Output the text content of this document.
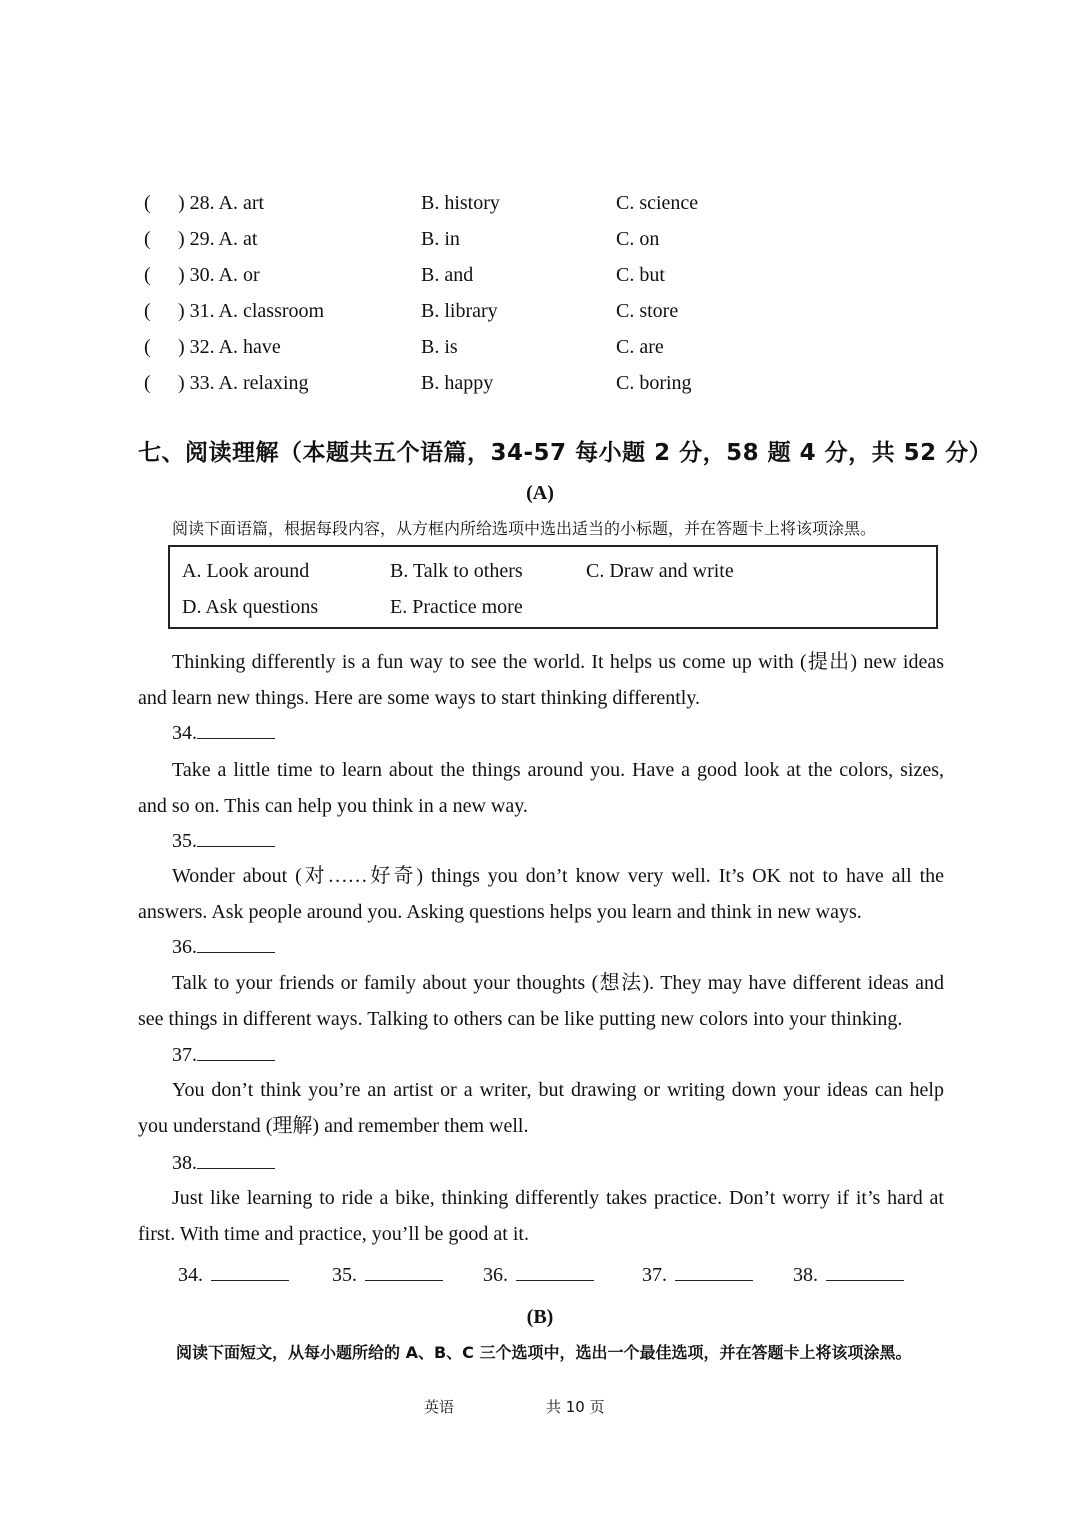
( ) 28. A. art	B. history	C. science
( ) 29. A. at	B. in	C. on
( ) 30. A. or	B. and	C. but
( ) 31. A. classroom	B. library	C. store
( ) 32. A. have	B. is	C. are
( ) 33. A. relaxing	B. happy	C. boring
七、阅读理解（本题共五个语篇，34-57 每小题 2 分，58 题 4 分，共 52 分）
(A)
阅读下面语篇，根据每段内容，从方框内所给选项中选出适当的小标题，并在答题卡上将该项涂黑。
A. Look around	B. Talk to others	C. Draw and write
D. Ask questions	E. Practice more
Thinking differently is a fun way to see the world. It helps us come up with (提出) new ideas
and learn new things. Here are some ways to start thinking differently.
34.
Take a little time to learn about the things around you. Have a good look at the colors, sizes,
and so on. This can help you think in a new way.
35.
Wonder about (对……好奇) things you don’t know very well. It’s OK not to have all the
answers. Ask people around you. Asking questions helps you learn and think in new ways.
36.
Talk to your friends or family about your thoughts (想法). They may have different ideas and
see things in different ways. Talking to others can be like putting new colors into your thinking.
37.
You don’t think you’re an artist or a writer, but drawing or writing down your ideas can help
you understand (理解) and remember them well.
38.
Just like learning to ride a bike, thinking differently takes practice. Don’t worry if it’s hard at
first. With time and practice, you’ll be good at it.
34.	35.	36.	37.	38.
(B)
阅读下面短文，从每小题所给的 A、B、C 三个选项中，选出一个最佳选项，并在答题卡上将该项涂黑。
英语	共 10 页
